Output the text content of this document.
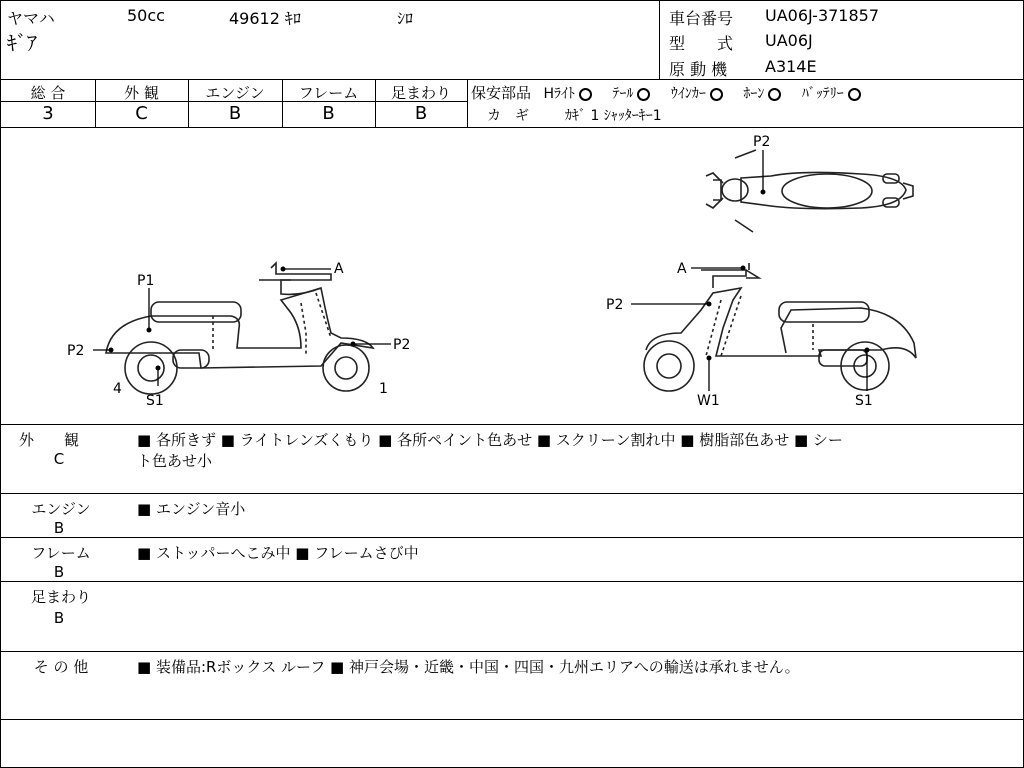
ヤマハ	50cc	49612 ｷﾛ	ｼﾛ
ｷﾞｱ
車台番号 UA06J-371857
型　　式 UA06J
原 動 機 A314E
総 合
3
外 観
C
エンジン
B
フレーム
B
足まわり
B
保安部品 Hﾗｲﾄ	ﾃｰﾙ	ｳｲﾝｶｰ	ﾎｰﾝ	ﾊﾞｯﾃﾘｰ
カ　ギ	ｶｷﾞ 1 ｼｬｯﾀｰｷｰ1
P1
P2
A
P2
4
S1
1
A
P2
W1	S1
P2
外　　観
C
■ 各所きず ■ ライトレンズくもり ■ 各所ペイント色あせ ■ スクリーン割れ中 ■ 樹脂部色あせ ■ シー
ト色あせ小
エンジン
B
■ エンジン音小
フレーム
B
■ ストッパーへこみ中 ■ フレームさび中
足まわり
B
そ の 他	■ 装備品:Rボックス ルーフ ■ 神戸会場・近畿・中国・四国・九州エリアへの輸送は承れません。
